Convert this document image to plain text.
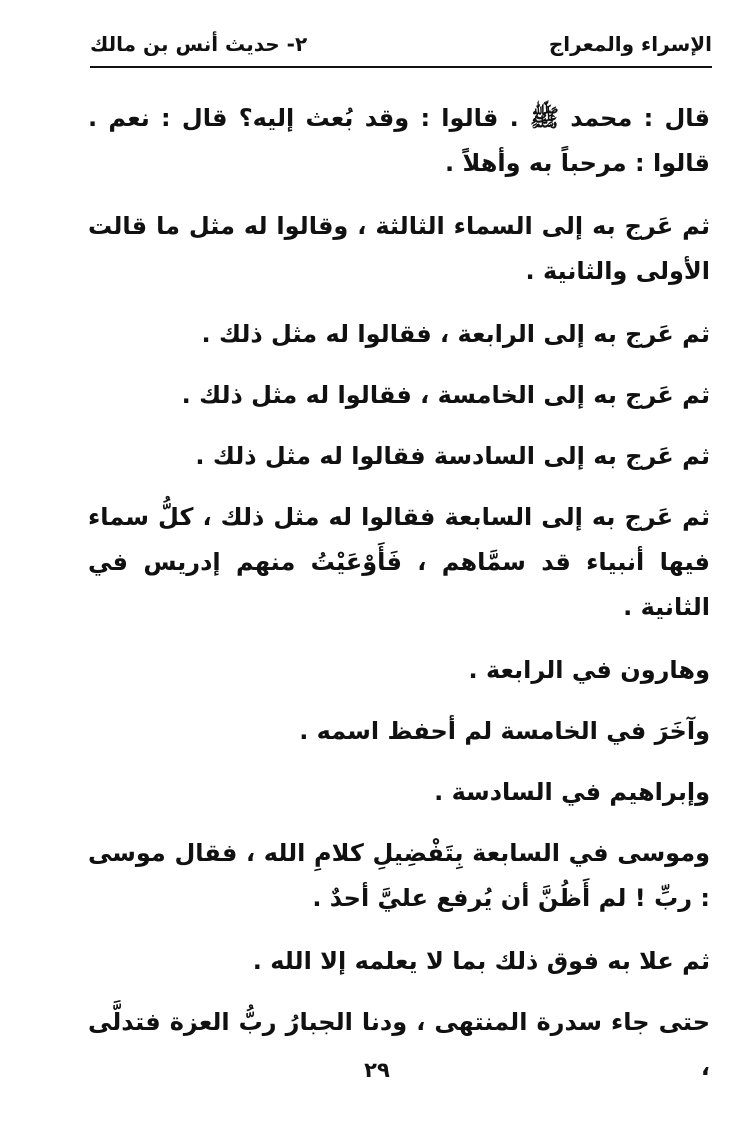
الإسراء والمعراج
٢- حديث أنس بن مالك

قال : محمد ﷺ . قالوا : وقد بُعث إليه؟ قال : نعم . قالوا : مرحباً به وأهلاً .

ثم عَرج به إلى السماء الثالثة ، وقالوا له مثل ما قالت الأولى والثانية .

ثم عَرج به إلى الرابعة ، فقالوا له مثل ذلك .

ثم عَرج به إلى الخامسة ، فقالوا له مثل ذلك .

ثم عَرج به إلى السادسة فقالوا له مثل ذلك .

ثم عَرج به إلى السابعة فقالوا له مثل ذلك ، كلُّ سماء فيها أنبياء قد سمَّاهم ، فَأَوْعَيْتُ منهم إدريس في الثانية .

وهارون في الرابعة .

وآخَرَ في الخامسة لم أحفظ اسمه .

وإبراهيم في السادسة .

وموسى في السابعة بِتَفْضِيلِ كلامِ الله ، فقال موسى : ربِّ ! لم أَظُنَّ أن يُرفع عليَّ أحدٌ .

ثم علا به فوق ذلك بما لا يعلمه إلا الله .

حتى جاء سدرة المنتهى ، ودنا الجبارُ ربُّ العزة فتدلَّى ،

٢٩
